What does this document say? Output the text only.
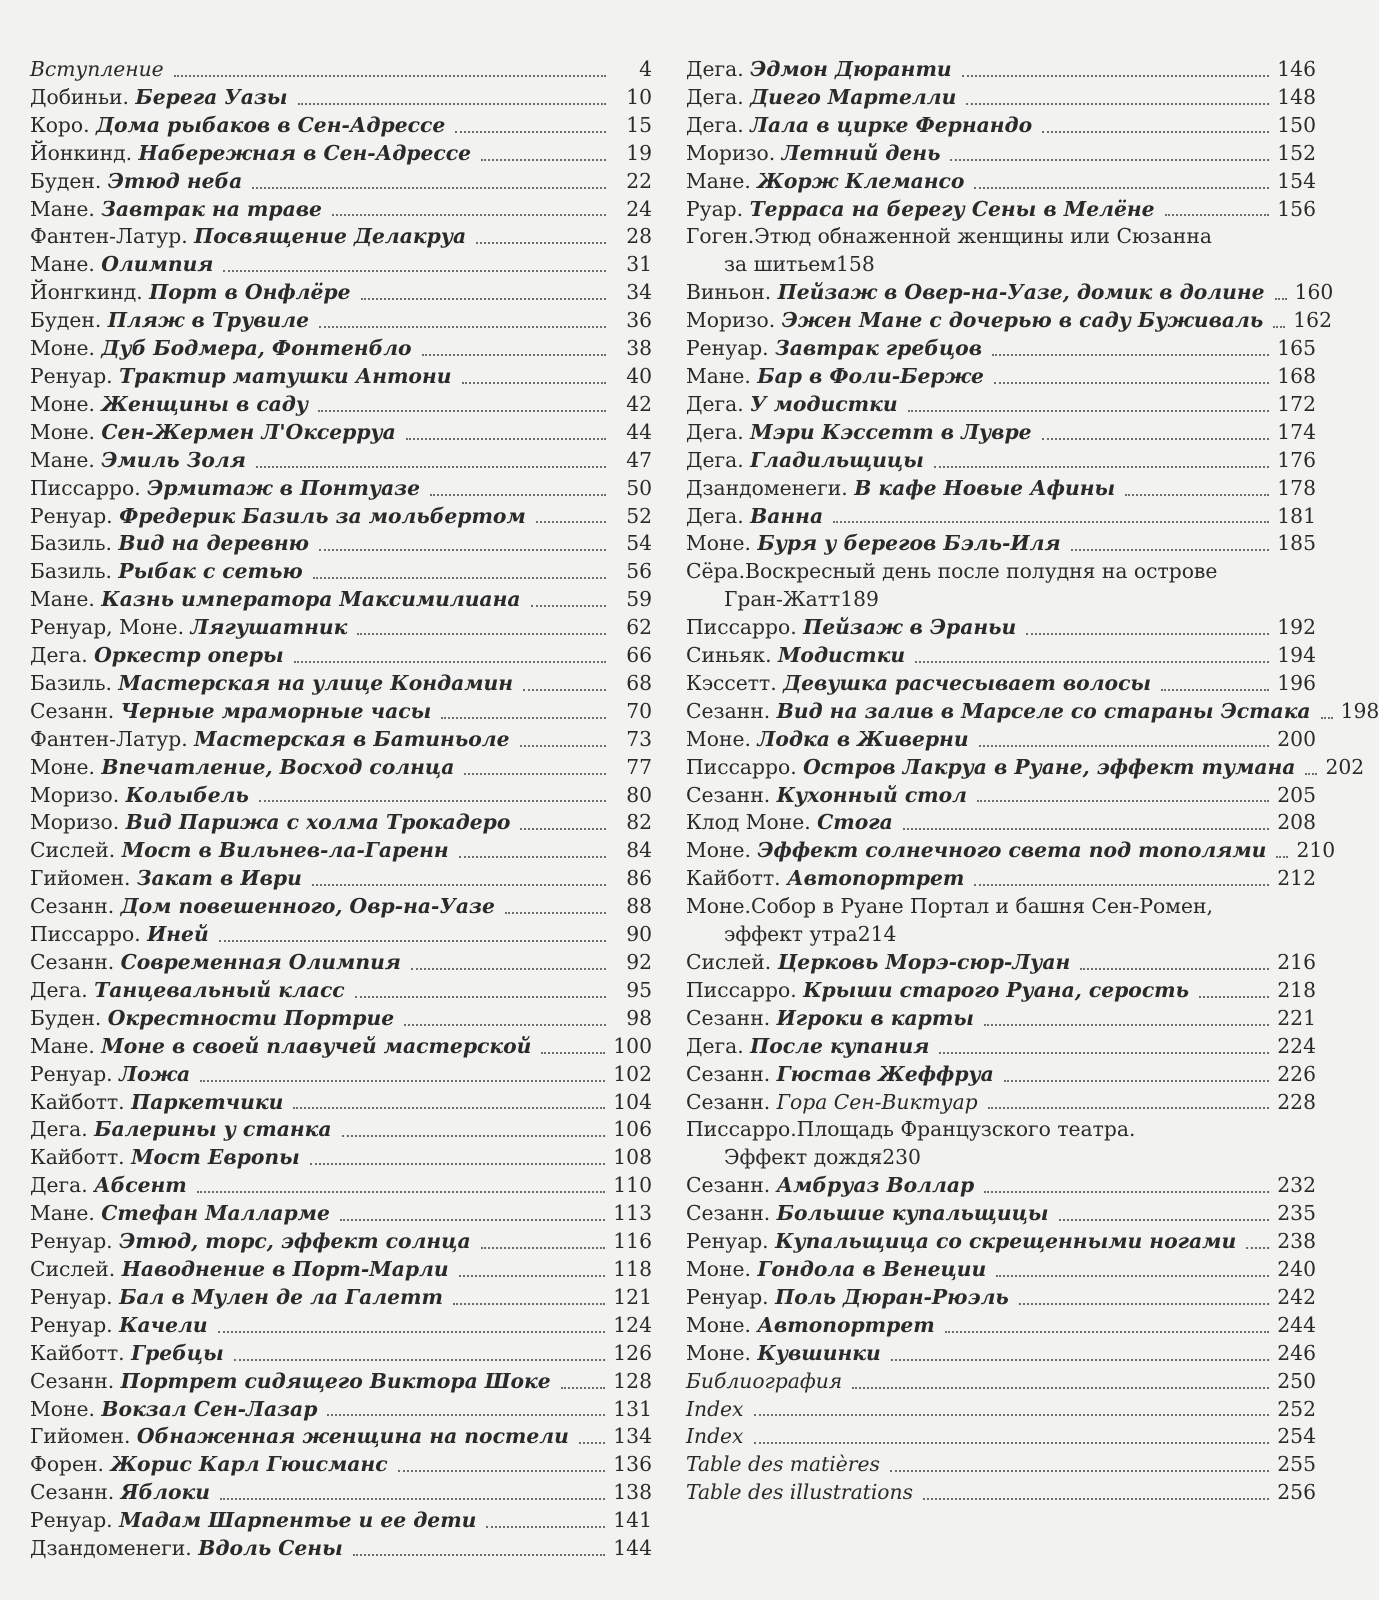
Вступление	4
Добиньи. Берега Уазы	10
Коро. Дома рыбаков в Сен-Адрессе	15
Йонкинд. Набережная в Сен-Адрессе	19
Буден. Этюд неба	22
Мане. Завтрак на траве	24
Фантен-Латур. Посвящение Делакруа	28
Мане. Олимпия	31
Йонгкинд. Порт в Онфлёре	34
Буден. Пляж в Трувиле	36
Моне. Дуб Бодмера, Фонтенбло	38
Ренуар. Трактир матушки Антони	40
Моне. Женщины в саду	42
Моне. Сен-Жермен Л'Оксерруа	44
Мане. Эмиль Золя	47
Писсарро. Эрмитаж в Понтуазе	50
Ренуар. Фредерик Базиль за мольбертом	52
Базиль. Вид на деревню	54
Базиль. Рыбак с сетью	56
Мане. Казнь императора Максимилиана	59
Ренуар, Моне. Лягушатник	62
Дега. Оркестр оперы	66
Базиль. Мастерская на улице Кондамин	68
Сезанн. Черные мраморные часы	70
Фантен-Латур. Мастерская в Батиньоле	73
Моне. Впечатление, Восход солнца	77
Моризо. Колыбель	80
Моризо. Вид Парижа с холма Трокадеро	82
Сислей. Мост в Вильнев-ла-Гаренн	84
Гийомен. Закат в Иври	86
Сезанн. Дом повешенного, Овр-на-Уазе	88
Писсарро. Иней	90
Сезанн. Современная Олимпия	92
Дега. Танцевальный класс	95
Буден. Окрестности Портрие	98
Мане. Моне в своей плавучей мастерской	100
Ренуар. Ложа	102
Кайботт. Паркетчики	104
Дега. Балерины у станка	106
Кайботт. Мост Европы	108
Дега. Абсент	110
Мане. Стефан Малларме	113
Ренуар. Этюд, торс, эффект солнца	116
Сислей. Наводнение в Порт-Марли	118
Ренуар. Бал в Мулен де ла Галетт	121
Ренуар. Качели	124
Кайботт. Гребцы	126
Сезанн. Портрет сидящего Виктора Шоке	128
Моне. Вокзал Сен-Лазар	131
Гийомен. Обнаженная женщина на постели 134
Форен. Жорис Карл Гюисманс	136
Сезанн. Яблоки	138
Ренуар. Мадам Шарпентье и ее дети	141
Дзандоменеги. Вдоль Сены	144
Дега. Эдмон Дюранти	146
Дега. Диего Мартелли	148
Дега. Лала в цирке Фернандо	150
Моризо. Летний день	152
Мане. Жорж Клемансо	154
Руар. Терраса на берегу Сены в Мелёне	156
Гоген. Этюд обнаженной женщины или Сюзанна
за шитьем 158
Виньон. Пейзаж в Овер-на-Уазе, домик в долине 160
Моризо. Эжен Мане с дочерью в саду Буживаль 162
Ренуар. Завтрак гребцов	165
Мане. Бар в Фоли-Берже	168
Дега. У модистки	172
Дега. Мэри Кэссетт в Лувре	174
Дега. Гладильщицы	176
Дзандоменеги. В кафе Новые Афины	178
Дега. Ванна	181
Моне. Буря у берегов Бэль-Иля	185
Сёра. Воскресный день после полудня на острове
Гран-Жатт 189
Писсарро. Пейзаж в Эраньи	192
Синьяк. Модистки	194
Кэссетт. Девушка расчесывает волосы	196
Сезанн. Вид на залив в Марселе со стараны Эстака 198
Моне. Лодка в Живерни	200
Писсарро. Остров Лакруа в Руане, эффект тумана 202
Сезанн. Кухонный стол	205
Клод Моне. Стога	208
Моне. Эффект солнечного света под тополями 210
Кайботт. Автопортрет	212
Моне. Собор в Руане Портал и башня Сен-Ромен,
эффект утра 214
Сислей. Церковь Морэ-сюр-Луан	216
Писсарро. Крыши старого Руана, серость	218
Сезанн. Игроки в карты	221
Дега. После купания	224
Сезанн. Гюстав Жеффруа	226
Сезанн. Гора Сен-Виктуар	228
Писсарро. Площадь Французского театра.
Эффект дождя 230
Сезанн. Амбруаз Воллар	232
Сезанн. Большие купальщицы	235
Ренуар. Купальщица со скрещенными ногами 238
Моне. Гондола в Венеции	240
Ренуар. Поль Дюран-Рюэль	242
Моне. Автопортрет	244
Моне. Кувшинки	246
Библиография	250
Index	252
Index	254
Table des matières	255
Table des illustrations	256
